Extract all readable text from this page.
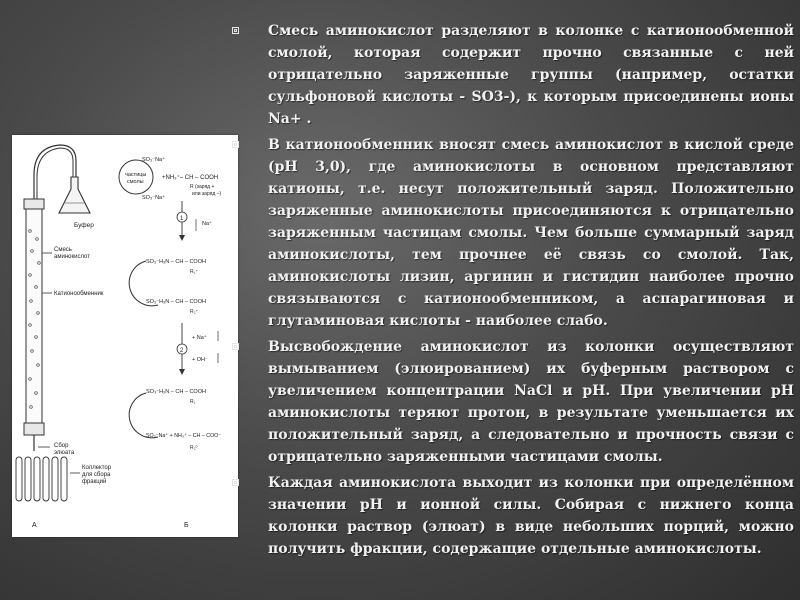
Буфер
Смесь
аминокислот
Катионообменник
Сбор
элюата
Коллектор
для сбора
фракций
А
частицы
смолы
SO₃⁻Na⁺
SO₃⁻Na⁺
+NH₃⁺– CH – COOH
R (заряд +
или заряд –)
1
Na⁺
SO₃⁻H₃N – CH – COOH
R₁⁺
SO₃⁻H₃N – CH – COOH
R₂⁺
2
+ Na⁺
+ OH⁻
SO₃⁻H₃N – CH – COOH
R₁
SO₃⁻Na⁺ + NH₃⁺ – CH – COO⁻
R₂⁰
Б
Смесь аминокислот разделяют в колонке с катионообменной смолой, которая содержит прочно связанные с ней отрицательно заряженные группы (например, остатки сульфоновой кислоты - SO3-), к которым присоединены ионы Na+ .
В катионообменник вносят смесь аминокислот в кислой среде (рН 3,0), где аминокислоты в основном представляют катионы, т.е. несут положительный заряд. Положительно заряженные аминокислоты присоединяются к отрицательно заряженным частицам смолы. Чем больше суммарный заряд аминокислоты, тем прочнее её связь со смолой. Так, аминокислоты лизин, аргинин и гистидин наиболее прочно связываются с катионообменником, а аспарагиновая и глутаминовая кислоты - наиболее слабо.
Высвобождение аминокислот из колонки осуществляют вымыванием (элюированием) их буферным раствором с увеличением концентрации NaCl и рН. При увеличении рН аминокислоты теряют протон, в результате уменьшается их положительный заряд, а следовательно и прочность связи с отрицательно заряженными частицами смолы.
Каждая аминокислота выходит из колонки при определённом значении рН и ионной силы. Собирая с нижнего конца колонки раствор (элюат) в виде небольших порций, можно получить фракции, содержащие отдельные аминокислоты.
